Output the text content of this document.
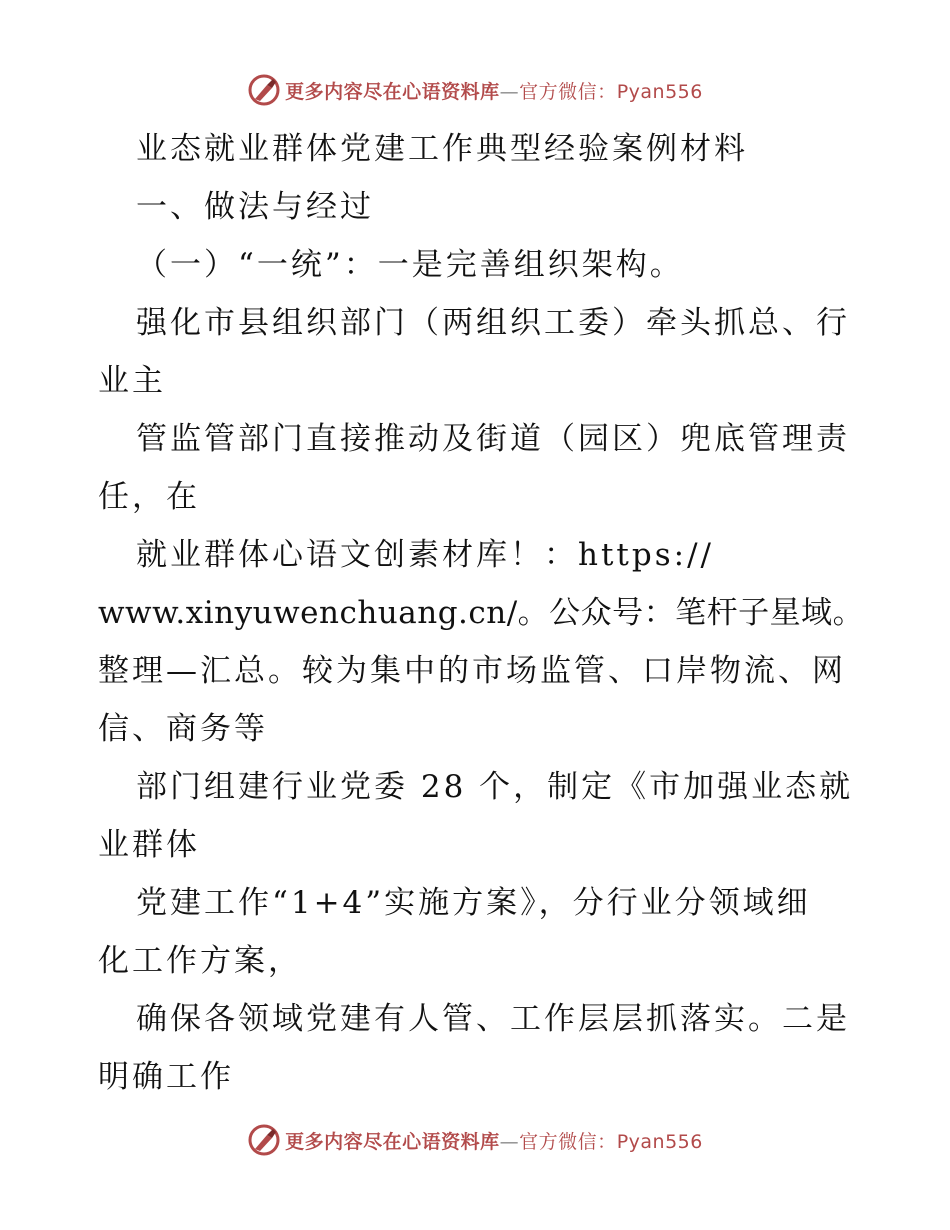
更多内容尽在心语资料库—官方微信：Pyan556
业态就业群体党建工作典型经验案例材料
一、做法与经过
（一）“一统”：一是完善组织架构。
强化市县组织部门（两组织工委）牵头抓总、行
业主
管监管部门直接推动及街道（园区）兜底管理责
任，在
就业群体心语文创素材库！：https://
www.xinyuwenchuang.cn/。公众号：笔杆子星域。
整理—汇总。较为集中的市场监管、口岸物流、网
信、商务等
部门组建行业党委 28 个，制定《市加强业态就
业群体
党建工作“1+4”实施方案》，分行业分领域细
化工作方案，
确保各领域党建有人管、工作层层抓落实。二是
明确工作
更多内容尽在心语资料库—官方微信：Pyan556
